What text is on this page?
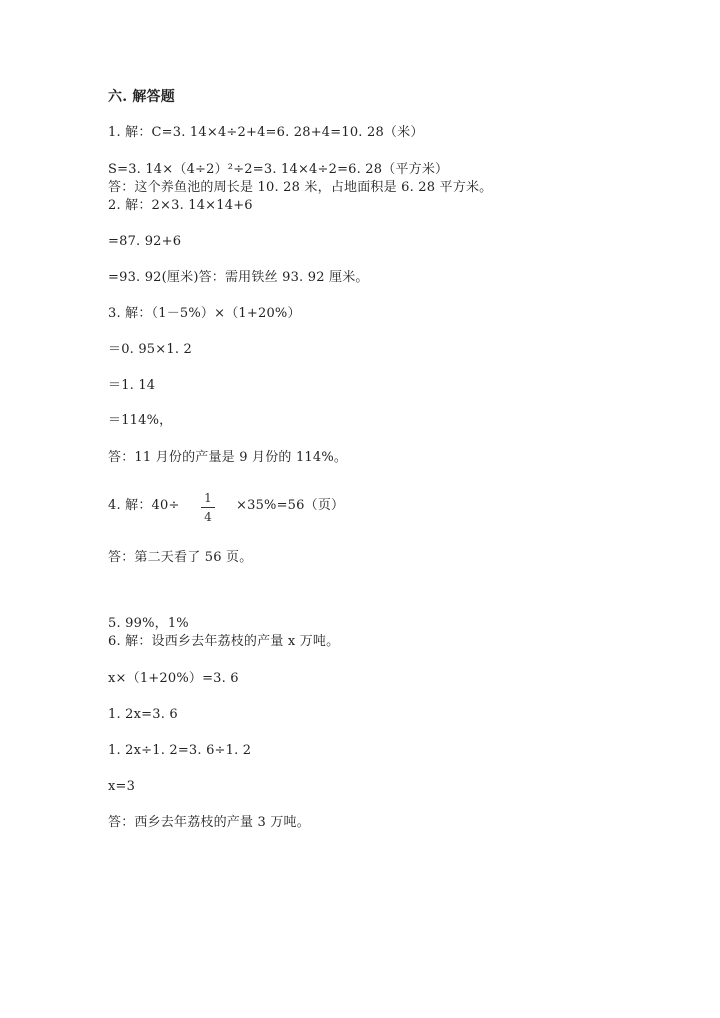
六. 解答题
1. 解：C=3. 14×4÷2+4=6. 28+4=10. 28（米）
S=3. 14×（4÷2）²÷2=3. 14×4÷2=6. 28（平方米）
答：这个养鱼池的周长是 10. 28 米，占地面积是 6. 28 平方米。
2. 解：2×3. 14×14+6
=87. 92+6
=93. 92(厘米)答：需用铁丝 93. 92 厘米。
3. 解：（1－5%）×（1+20%）
＝0. 95×1. 2
＝1. 14
＝114%，
答：11 月份的产量是 9 月份的 114%。
4. 解：40÷	1
4
×35%=56（页）
答：第二天看了 56 页。
5. 99%，1%
6. 解：设西乡去年荔枝的产量 x 万吨。
x×（1+20%）=3. 6
1. 2x=3. 6
1. 2x÷1. 2=3. 6÷1. 2
x=3
答：西乡去年荔枝的产量 3 万吨。
